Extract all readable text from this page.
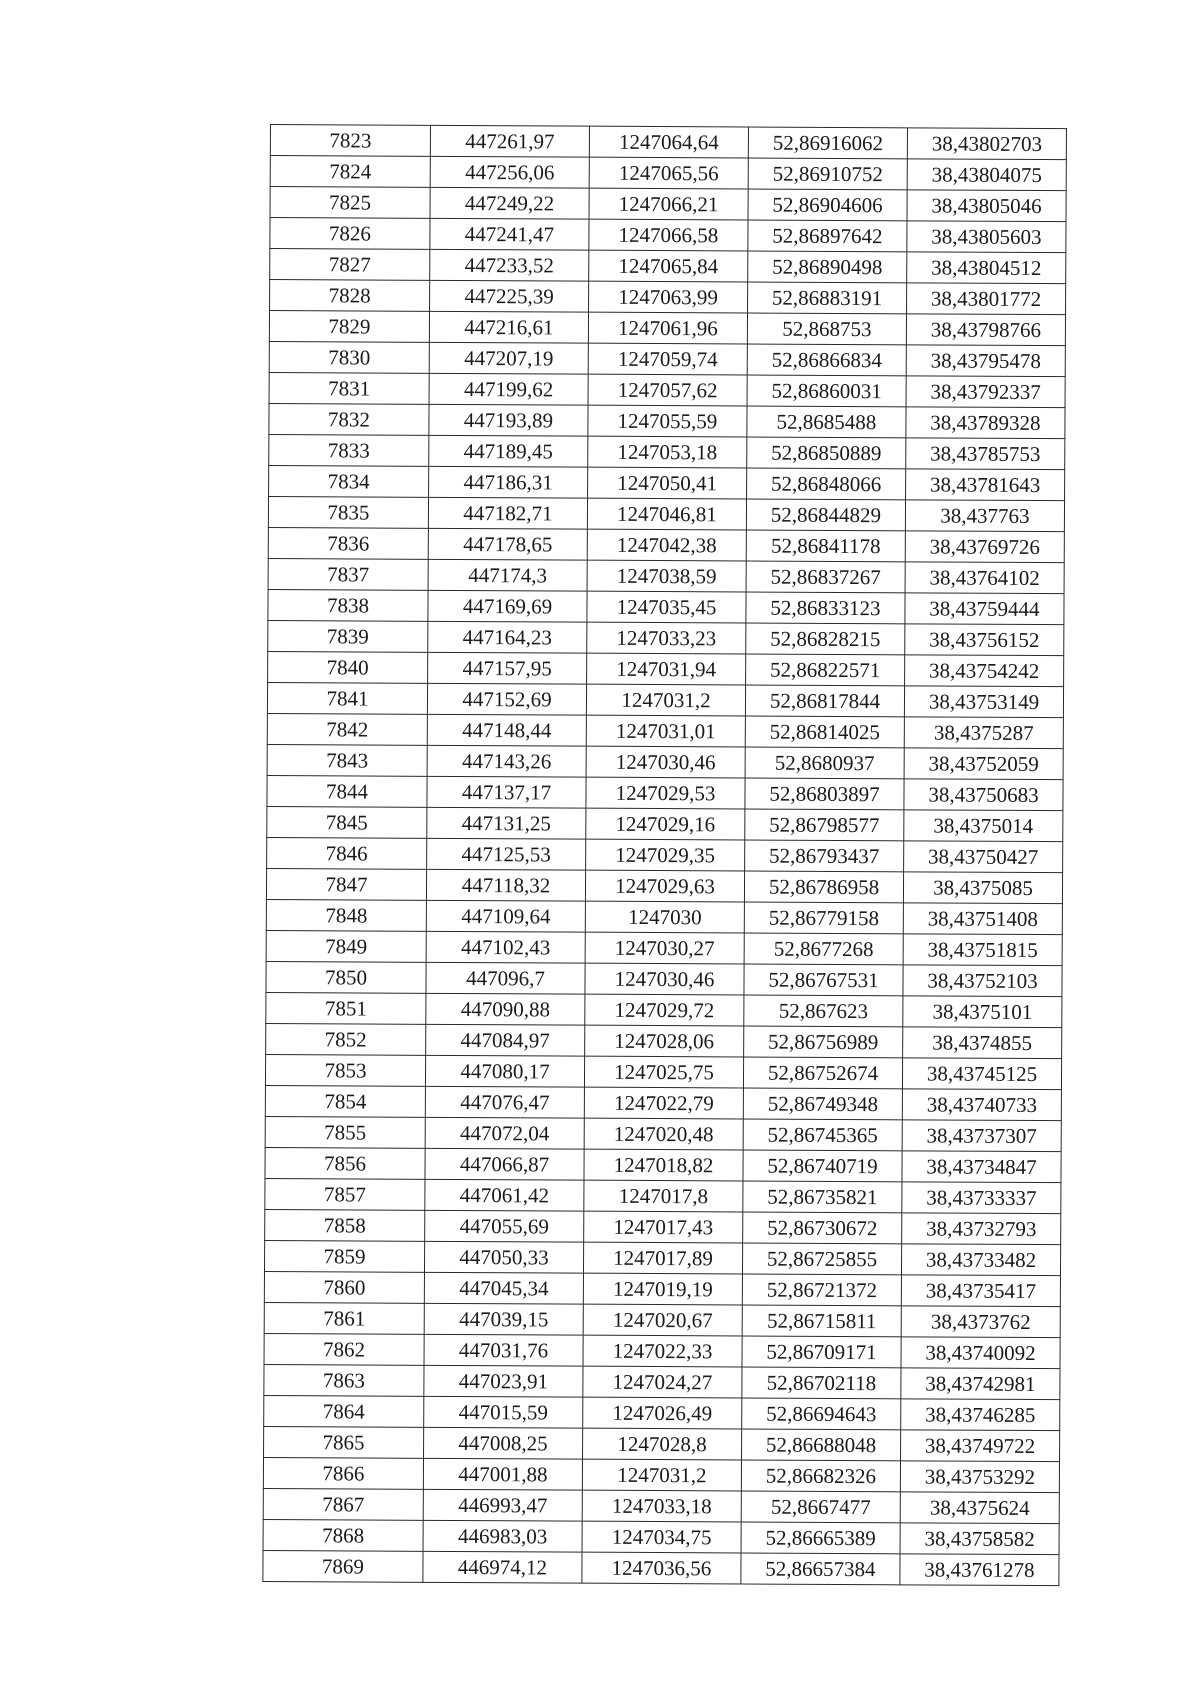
7823	447261,97	1247064,64	52,86916062	38,43802703
7824	447256,06	1247065,56	52,86910752	38,43804075
7825	447249,22	1247066,21	52,86904606	38,43805046
7826	447241,47	1247066,58	52,86897642	38,43805603
7827	447233,52	1247065,84	52,86890498	38,43804512
7828	447225,39	1247063,99	52,86883191	38,43801772
7829	447216,61	1247061,96	52,868753	38,43798766
7830	447207,19	1247059,74	52,86866834	38,43795478
7831	447199,62	1247057,62	52,86860031	38,43792337
7832	447193,89	1247055,59	52,8685488	38,43789328
7833	447189,45	1247053,18	52,86850889	38,43785753
7834	447186,31	1247050,41	52,86848066	38,43781643
7835	447182,71	1247046,81	52,86844829	38,437763
7836	447178,65	1247042,38	52,86841178	38,43769726
7837	447174,3	1247038,59	52,86837267	38,43764102
7838	447169,69	1247035,45	52,86833123	38,43759444
7839	447164,23	1247033,23	52,86828215	38,43756152
7840	447157,95	1247031,94	52,86822571	38,43754242
7841	447152,69	1247031,2	52,86817844	38,43753149
7842	447148,44	1247031,01	52,86814025	38,4375287
7843	447143,26	1247030,46	52,8680937	38,43752059
7844	447137,17	1247029,53	52,86803897	38,43750683
7845	447131,25	1247029,16	52,86798577	38,4375014
7846	447125,53	1247029,35	52,86793437	38,43750427
7847	447118,32	1247029,63	52,86786958	38,4375085
7848	447109,64	1247030	52,86779158	38,43751408
7849	447102,43	1247030,27	52,8677268	38,43751815
7850	447096,7	1247030,46	52,86767531	38,43752103
7851	447090,88	1247029,72	52,867623	38,4375101
7852	447084,97	1247028,06	52,86756989	38,4374855
7853	447080,17	1247025,75	52,86752674	38,43745125
7854	447076,47	1247022,79	52,86749348	38,43740733
7855	447072,04	1247020,48	52,86745365	38,43737307
7856	447066,87	1247018,82	52,86740719	38,43734847
7857	447061,42	1247017,8	52,86735821	38,43733337
7858	447055,69	1247017,43	52,86730672	38,43732793
7859	447050,33	1247017,89	52,86725855	38,43733482
7860	447045,34	1247019,19	52,86721372	38,43735417
7861	447039,15	1247020,67	52,86715811	38,4373762
7862	447031,76	1247022,33	52,86709171	38,43740092
7863	447023,91	1247024,27	52,86702118	38,43742981
7864	447015,59	1247026,49	52,86694643	38,43746285
7865	447008,25	1247028,8	52,86688048	38,43749722
7866	447001,88	1247031,2	52,86682326	38,43753292
7867	446993,47	1247033,18	52,8667477	38,4375624
7868	446983,03	1247034,75	52,86665389	38,43758582
7869	446974,12	1247036,56	52,86657384	38,43761278
